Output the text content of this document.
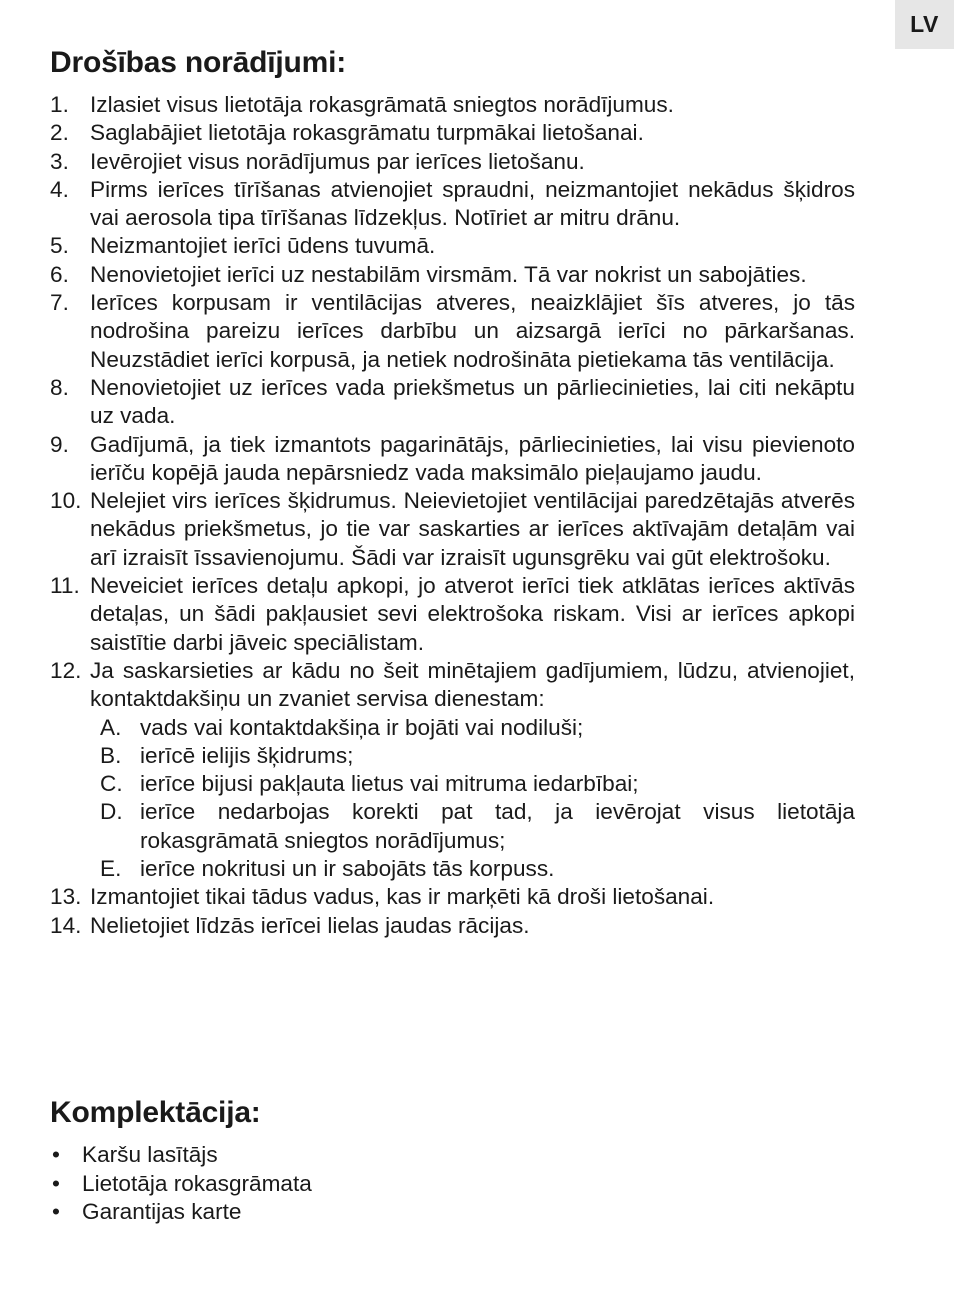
LV
Drošības norādījumi:
1. Izlasiet visus lietotāja rokasgrāmatā sniegtos norādījumus.
2. Saglabājiet lietotāja rokasgrāmatu turpmākai lietošanai.
3. Ievērojiet visus norādījumus par ierīces lietošanu.
4. Pirms ierīces tīrīšanas atvienojiet spraudni, neizmantojiet nekādus šķidros vai aerosola tipa tīrīšanas līdzekļus. Notīriet ar mitru drānu.
5. Neizmantojiet ierīci ūdens tuvumā.
6. Nenovietojiet ierīci uz nestabilām virsmām. Tā var nokrist un sabojāties.
7. Ierīces korpusam ir ventilācijas atveres, neaizklājiet šīs atveres, jo tās nodrošina pareizu ierīces darbību un aizsargā ierīci no pārkaršanas. Neuzstādiet ierīci korpusā, ja netiek nodrošināta pietiekama tās ventilācija.
8. Nenovietojiet uz ierīces vada priekšmetus un pārliecinieties, lai citi nekāptu uz vada.
9. Gadījumā, ja tiek izmantots pagarinātājs, pārliecinieties, lai visu pievienoto ierīču kopējā jauda nepārsniedz vada maksimālo pieļaujamo jaudu.
10. Nelejiet virs ierīces šķidrumus. Neievietojiet ventilācijai paredzētajās atverēs nekādus priekšmetus, jo tie var saskarties ar ierīces aktīvajām detaļām vai arī izraisīt īssavienojumu. Šādi var izraisīt ugunsgrēku vai gūt elektrošoku.
11. Neveiciet ierīces detaļu apkopi, jo atverot ierīci tiek atklātas ierīces aktīvās detaļas, un šādi pakļausiet sevi elektrošoka riskam. Visi ar ierīces apkopi saistītie darbi jāveic speciālistam.
12. Ja saskarsieties ar kādu no šeit minētajiem gadījumiem, lūdzu, atvienojiet, kontaktdakšiņu un zvaniet servisa dienestam:
A. vads vai kontaktdakšiņa ir bojāti vai nodiluši;
B. ierīcē ielijis šķidrums;
C. ierīce bijusi pakļauta lietus vai mitruma iedarbībai;
D. ierīce nedarbojas korekti pat tad, ja ievērojat visus lietotāja rokasgrāmatā sniegtos norādījumus;
E. ierīce nokritusi un ir sabojāts tās korpuss.
13. Izmantojiet tikai tādus vadus, kas ir marķēti kā droši lietošanai.
14. Nelietojiet līdzās ierīcei lielas jaudas rācijas.
Komplektācija:
• Karšu lasītājs
• Lietotāja rokasgrāmata
• Garantijas karte
